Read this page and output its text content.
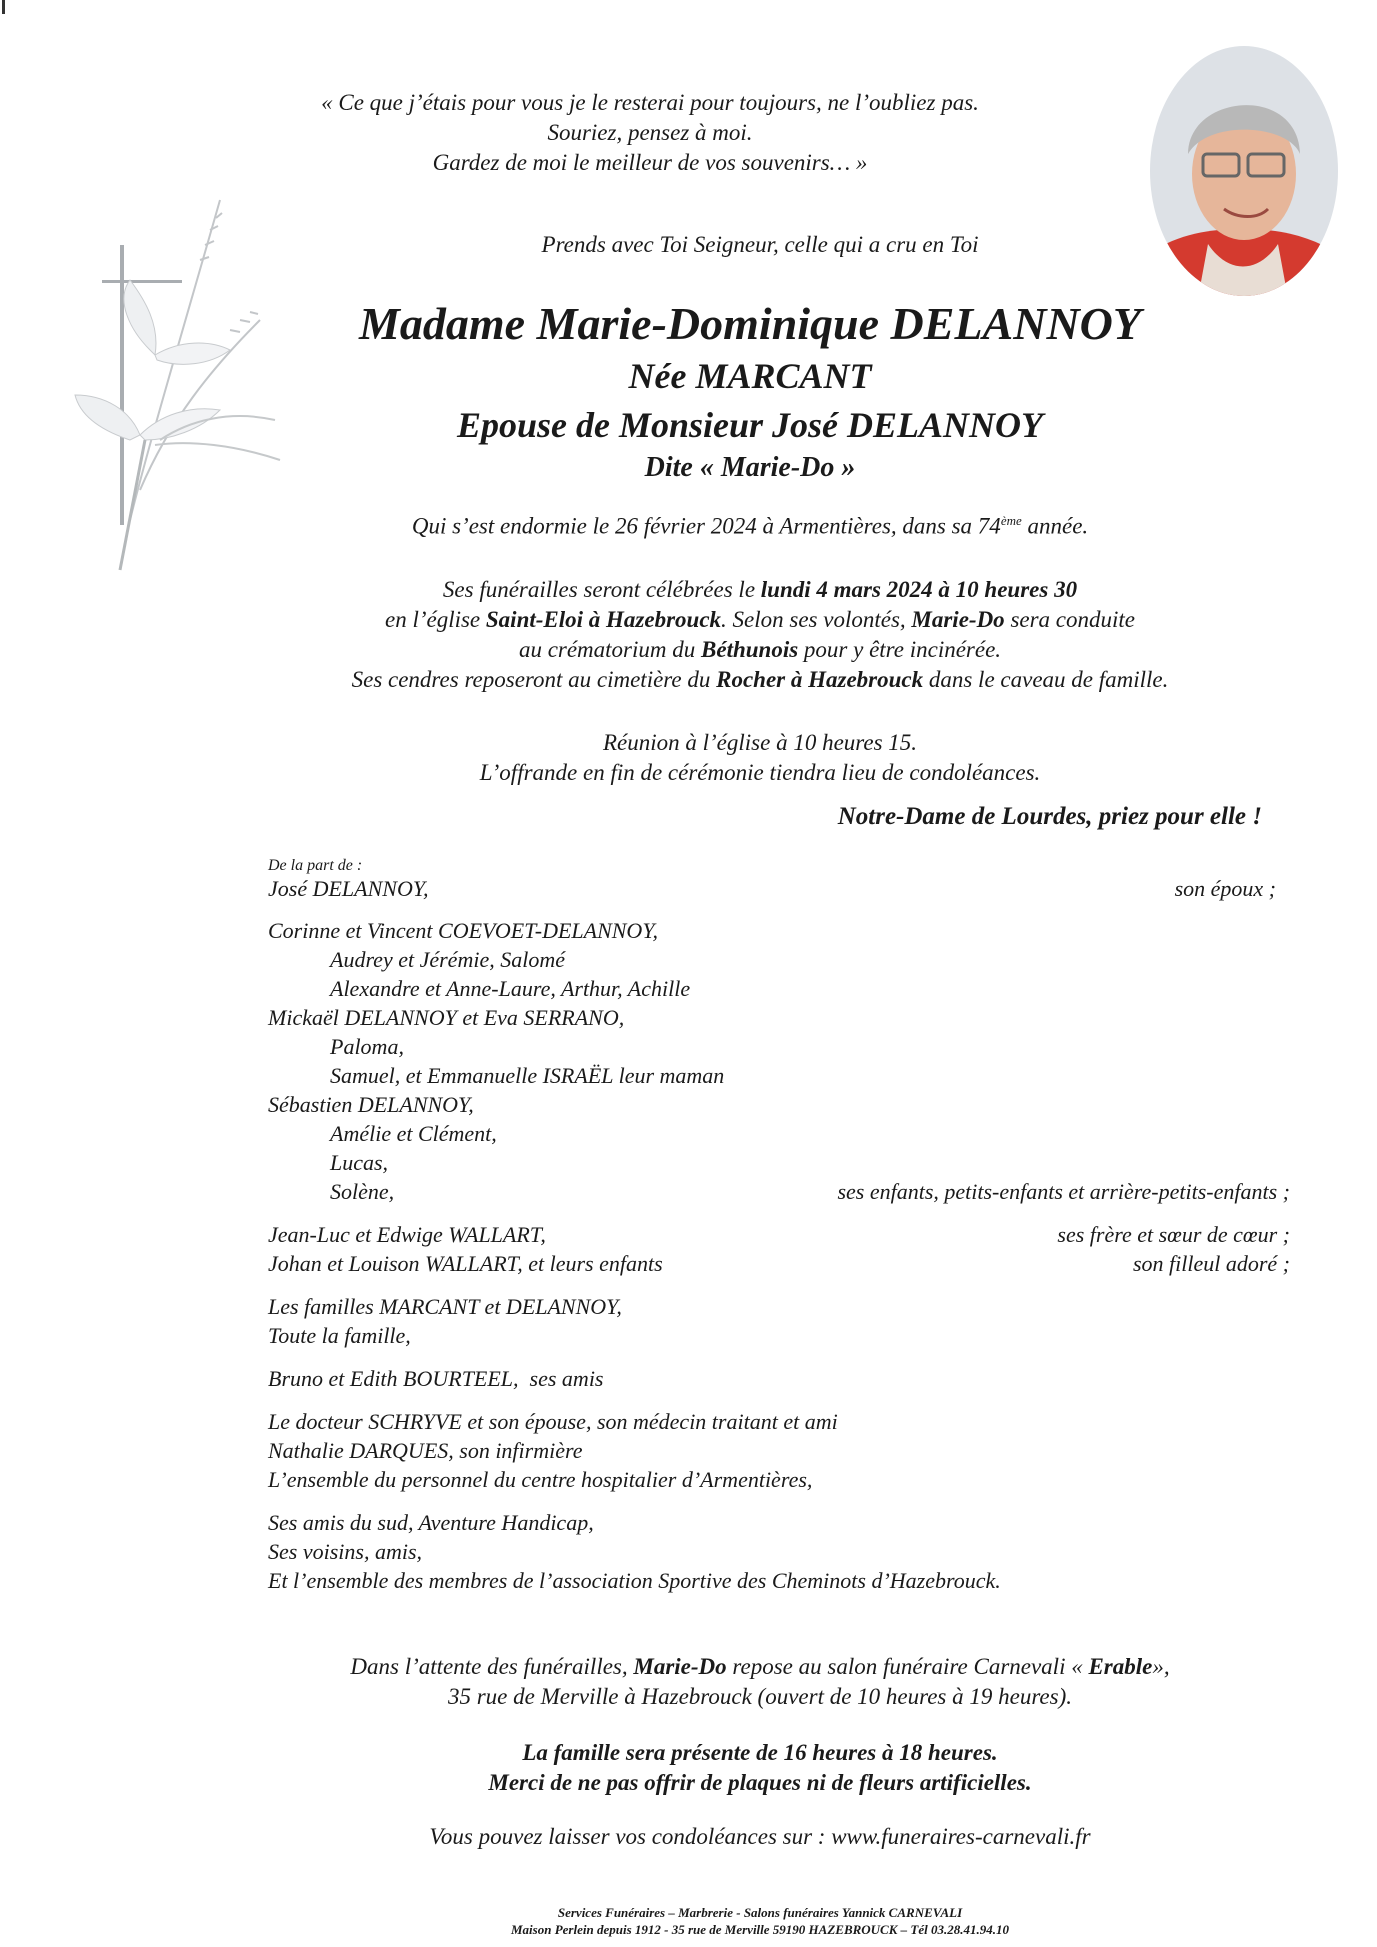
« Ce que j’étais pour vous je le resterai pour toujours, ne l’oubliez pas.
Souriez, pensez à moi.
Gardez de moi le meilleur de vos souvenirs… »
Prends avec Toi Seigneur, celle qui a cru en Toi
Madame Marie-Dominique DELANNOY
Née MARCANT
Epouse de Monsieur José DELANNOY
Dite « Marie-Do »
Qui s’est endormie le 26 février 2024 à Armentières, dans sa 74ème année.
Ses funérailles seront célébrées le lundi 4 mars 2024 à 10 heures 30
en l’église Saint-Eloi à Hazebrouck. Selon ses volontés, Marie-Do sera conduite
au crématorium du Béthunois pour y être incinérée.
Ses cendres reposeront au cimetière du Rocher à Hazebrouck dans le caveau de famille.
Réunion à l’église à 10 heures 15.
L’offrande en fin de cérémonie tiendra lieu de condoléances.
Notre-Dame de Lourdes, priez pour elle !
De la part de :
José DELANNOY,	son époux ;
Corinne et Vincent COEVOET-DELANNOY,
Audrey et Jérémie, Salomé
Alexandre et Anne-Laure, Arthur, Achille
Mickaël DELANNOY et Eva SERRANO,
Paloma,
Samuel, et Emmanuelle ISRAËL leur maman
Sébastien DELANNOY,
Amélie et Clément,
Lucas,
Solène,	ses enfants, petits-enfants et arrière-petits-enfants ;
Jean-Luc et Edwige WALLART,	ses frère et sœur de cœur ;
Johan et Louison WALLART, et leurs enfants	son filleul adoré ;
Les familles MARCANT et DELANNOY,
Toute la famille,
Bruno et Edith BOURTEEL,  ses amis
Le docteur SCHRYVE et son épouse, son médecin traitant et ami
Nathalie DARQUES, son infirmière
L’ensemble du personnel du centre hospitalier d’Armentières,
Ses amis du sud, Aventure Handicap,
Ses voisins, amis,
Et l’ensemble des membres de l’association Sportive des Cheminots d’Hazebrouck.
Dans l’attente des funérailles, Marie-Do repose au salon funéraire Carnevali « Erable»,
35 rue de Merville à Hazebrouck (ouvert de 10 heures à 19 heures).
La famille sera présente de 16 heures à 18 heures.
Merci de ne pas offrir de plaques ni de fleurs artificielles.
Vous pouvez laisser vos condoléances sur : www.funeraires-carnevali.fr
Services Funéraires – Marbrerie - Salons funéraires Yannick CARNEVALI
Maison Perlein depuis 1912 - 35 rue de Merville 59190 HAZEBROUCK – Tél 03.28.41.94.10
